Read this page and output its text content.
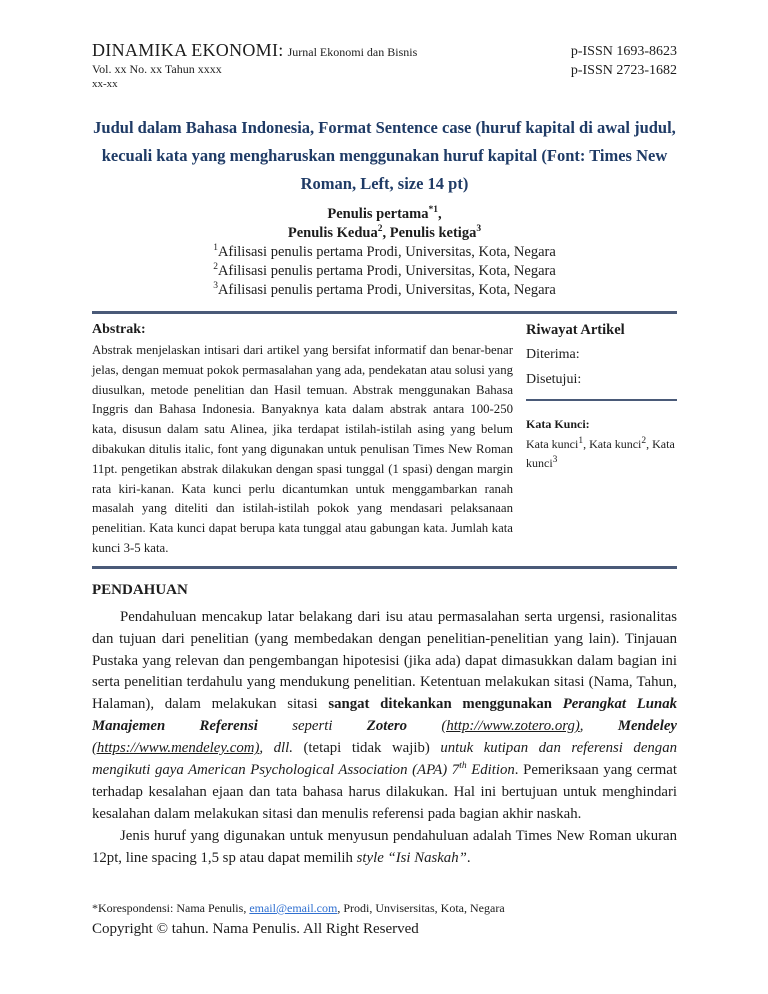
DINAMIKA EKONOMI: Jurnal Ekonomi dan Bisnis
Vol. xx No. xx Tahun xxxx
xx-xx
p-ISSN 1693-8623
p-ISSN 2723-1682
Judul dalam Bahasa Indonesia, Format Sentence case (huruf kapital di awal judul, kecuali kata yang mengharuskan menggunakan huruf kapital (Font: Times New Roman, Left, size 14 pt)
Penulis pertama$^{*1}$,
Penulis Kedua$^2$, Penulis ketiga$^3$
$^1$Afilisasi penulis pertama Prodi, Universitas, Kota, Negara
$^2$Afilisasi penulis pertama Prodi, Universitas, Kota, Negara
$^3$Afilisasi penulis pertama Prodi, Universitas, Kota, Negara
Abstrak:
Abstrak menjelaskan intisari dari artikel yang bersifat informatif dan benar-benar jelas, dengan memuat pokok permasalahan yang ada, pendekatan atau solusi yang diusulkan, metode penelitian dan Hasil temuan. Abstrak menggunakan Bahasa Inggris dan Bahasa Indonesia. Banyaknya kata dalam abstrak antara 100-250 kata, disusun dalam satu Alinea, jika terdapat istilah-istilah asing yang belum dibakukan ditulis italic, font yang digunakan untuk penulisan Times New Roman 11pt. pengetikan abstrak dilakukan dengan spasi tunggal (1 spasi) dengan margin rata kiri-kanan. Kata kunci perlu dicantumkan untuk menggambarkan ranah masalah yang diteliti dan istilah-istilah pokok yang mendasari pelaksanaan penelitian. Kata kunci dapat berupa kata tunggal atau gabungan kata. Jumlah kata kunci 3-5 kata.
Riwayat Artikel
Diterima:
Disetujui:
Kata Kunci:
Kata kunci$^1$, Kata kunci$^2$, Kata kunci$^3$
PENDAHUAN

Pendahuluan mencakup latar belakang dari isu atau permasalahan serta urgensi, rasionalitas dan tujuan dari penelitian (yang membedakan dengan penelitian-penelitian yang lain). Tinjauan Pustaka yang relevan dan pengembangan hipotesisi (jika ada) dapat dimasukkan dalam bagian ini serta penelitian terdahulu yang mendukung penelitian. Ketentuan melakukan sitasi (Nama, Tahun, Halaman), dalam melakukan sitasi sangat ditekankan menggunakan Perangkat Lunak Manajemen Referensi seperti Zotero (http://www.zotero.org), Mendeley (https://www.mendeley.com), dll. (tetapi tidak wajib) untuk kutipan dan referensi dengan mengikuti gaya American Psychological Association (APA) 7th Edition. Pemeriksaan yang cermat terhadap kesalahan ejaan dan tata bahasa harus dilakukan. Hal ini bertujuan untuk menghindari kesalahan dalam melakukan sitasi dan menulis referensi pada bagian akhir naskah.

Jenis huruf yang digunakan untuk menyusun pendahuluan adalah Times New Roman ukuran 12pt, line spacing 1,5 sp atau dapat memilih style “Isi Naskah”.

*Korespondensi: Nama Penulis, email@email.com, Prodi, Unvisersitas, Kota, Negara
Copyright © tahun. Nama Penulis. All Right Reserved
